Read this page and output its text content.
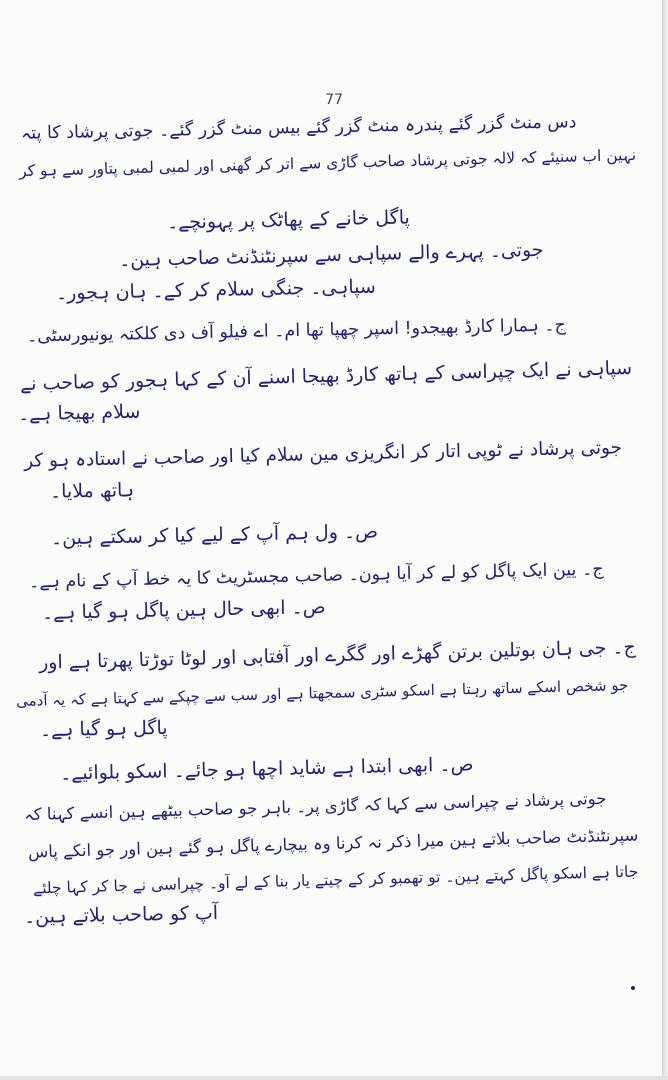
77
دس منٹ گزر گئے پندرہ منٹ گزر گئے بیس منٹ گزر گئے۔ جوتی پرشاد کا پتہ
نہین اب سنیئے کہ لالہ جوتی پرشاد صاحب گاڑی سے اتر کر گھنی اور لمبی لمبی پتاور سے ہو کر
پاگل خانے کے پھاٹک پر پہونچے۔
جوتی۔ پہرے والے سپاہی سے سپرنٹنڈنٹ صاحب ہین۔
سپاہی۔ جنگی سلام کر کے۔ ہان ہجور۔
ج۔ ہمارا کارڈ بھیجدو! اسپر چھپا تھا ام۔ اے فیلو آف دی کلکتہ یونیورسٹی۔
سپاہی نے ایک چپراسی کے ہاتھ کارڈ بھیجا اسنے آن کے کہا ہجور کو صاحب نے
سلام بھیجا ہے۔
جوتی پرشاد نے ٹوپی اتار کر انگریزی مین سلام کیا اور صاحب نے استادہ ہو کر
ہاتھ ملایا۔
ص۔ ول ہم آپ کے لیے کیا کر سکتے ہین۔
ج۔ یین ایک پاگل کو لے کر آیا ہون۔ صاحب مجسٹریٹ کا یہ خط آپ کے نام ہے۔
ص۔ ابھی حال ہین پاگل ہو گیا ہے۔
ج۔ جی ہان بوتلین برتن گھڑے اور گگرے اور آفتابی اور لوٹا توڑتا پھرتا ہے اور
جو شخص اسکے ساتھ رہتا ہے اسکو سٹری سمجھتا ہے اور سب سے چپکے سے کہتا ہے کہ یہ آدمی
پاگل ہو گیا ہے۔
ص۔ ابھی ابتدا ہے شاید اچھا ہو جائے۔ اسکو بلوائیے۔
جوتی پرشاد نے چپراسی سے کہا کہ گاڑی پر۔ باہر جو صاحب بیٹھے ہین انسے کہنا کہ
سپرنٹنڈنٹ صاحب بلاتے ہین میرا ذکر نہ کرنا وہ بیچارے پاگل ہو گئے ہین اور جو انکے پاس
جاتا ہے اسکو پاگل کہتے ہین۔ تو تھمبو کر کے چیتے یار بنا کے لے آو۔ چپراسی نے جا کر کہا چلئے
آپ کو صاحب بلاتے ہین۔
